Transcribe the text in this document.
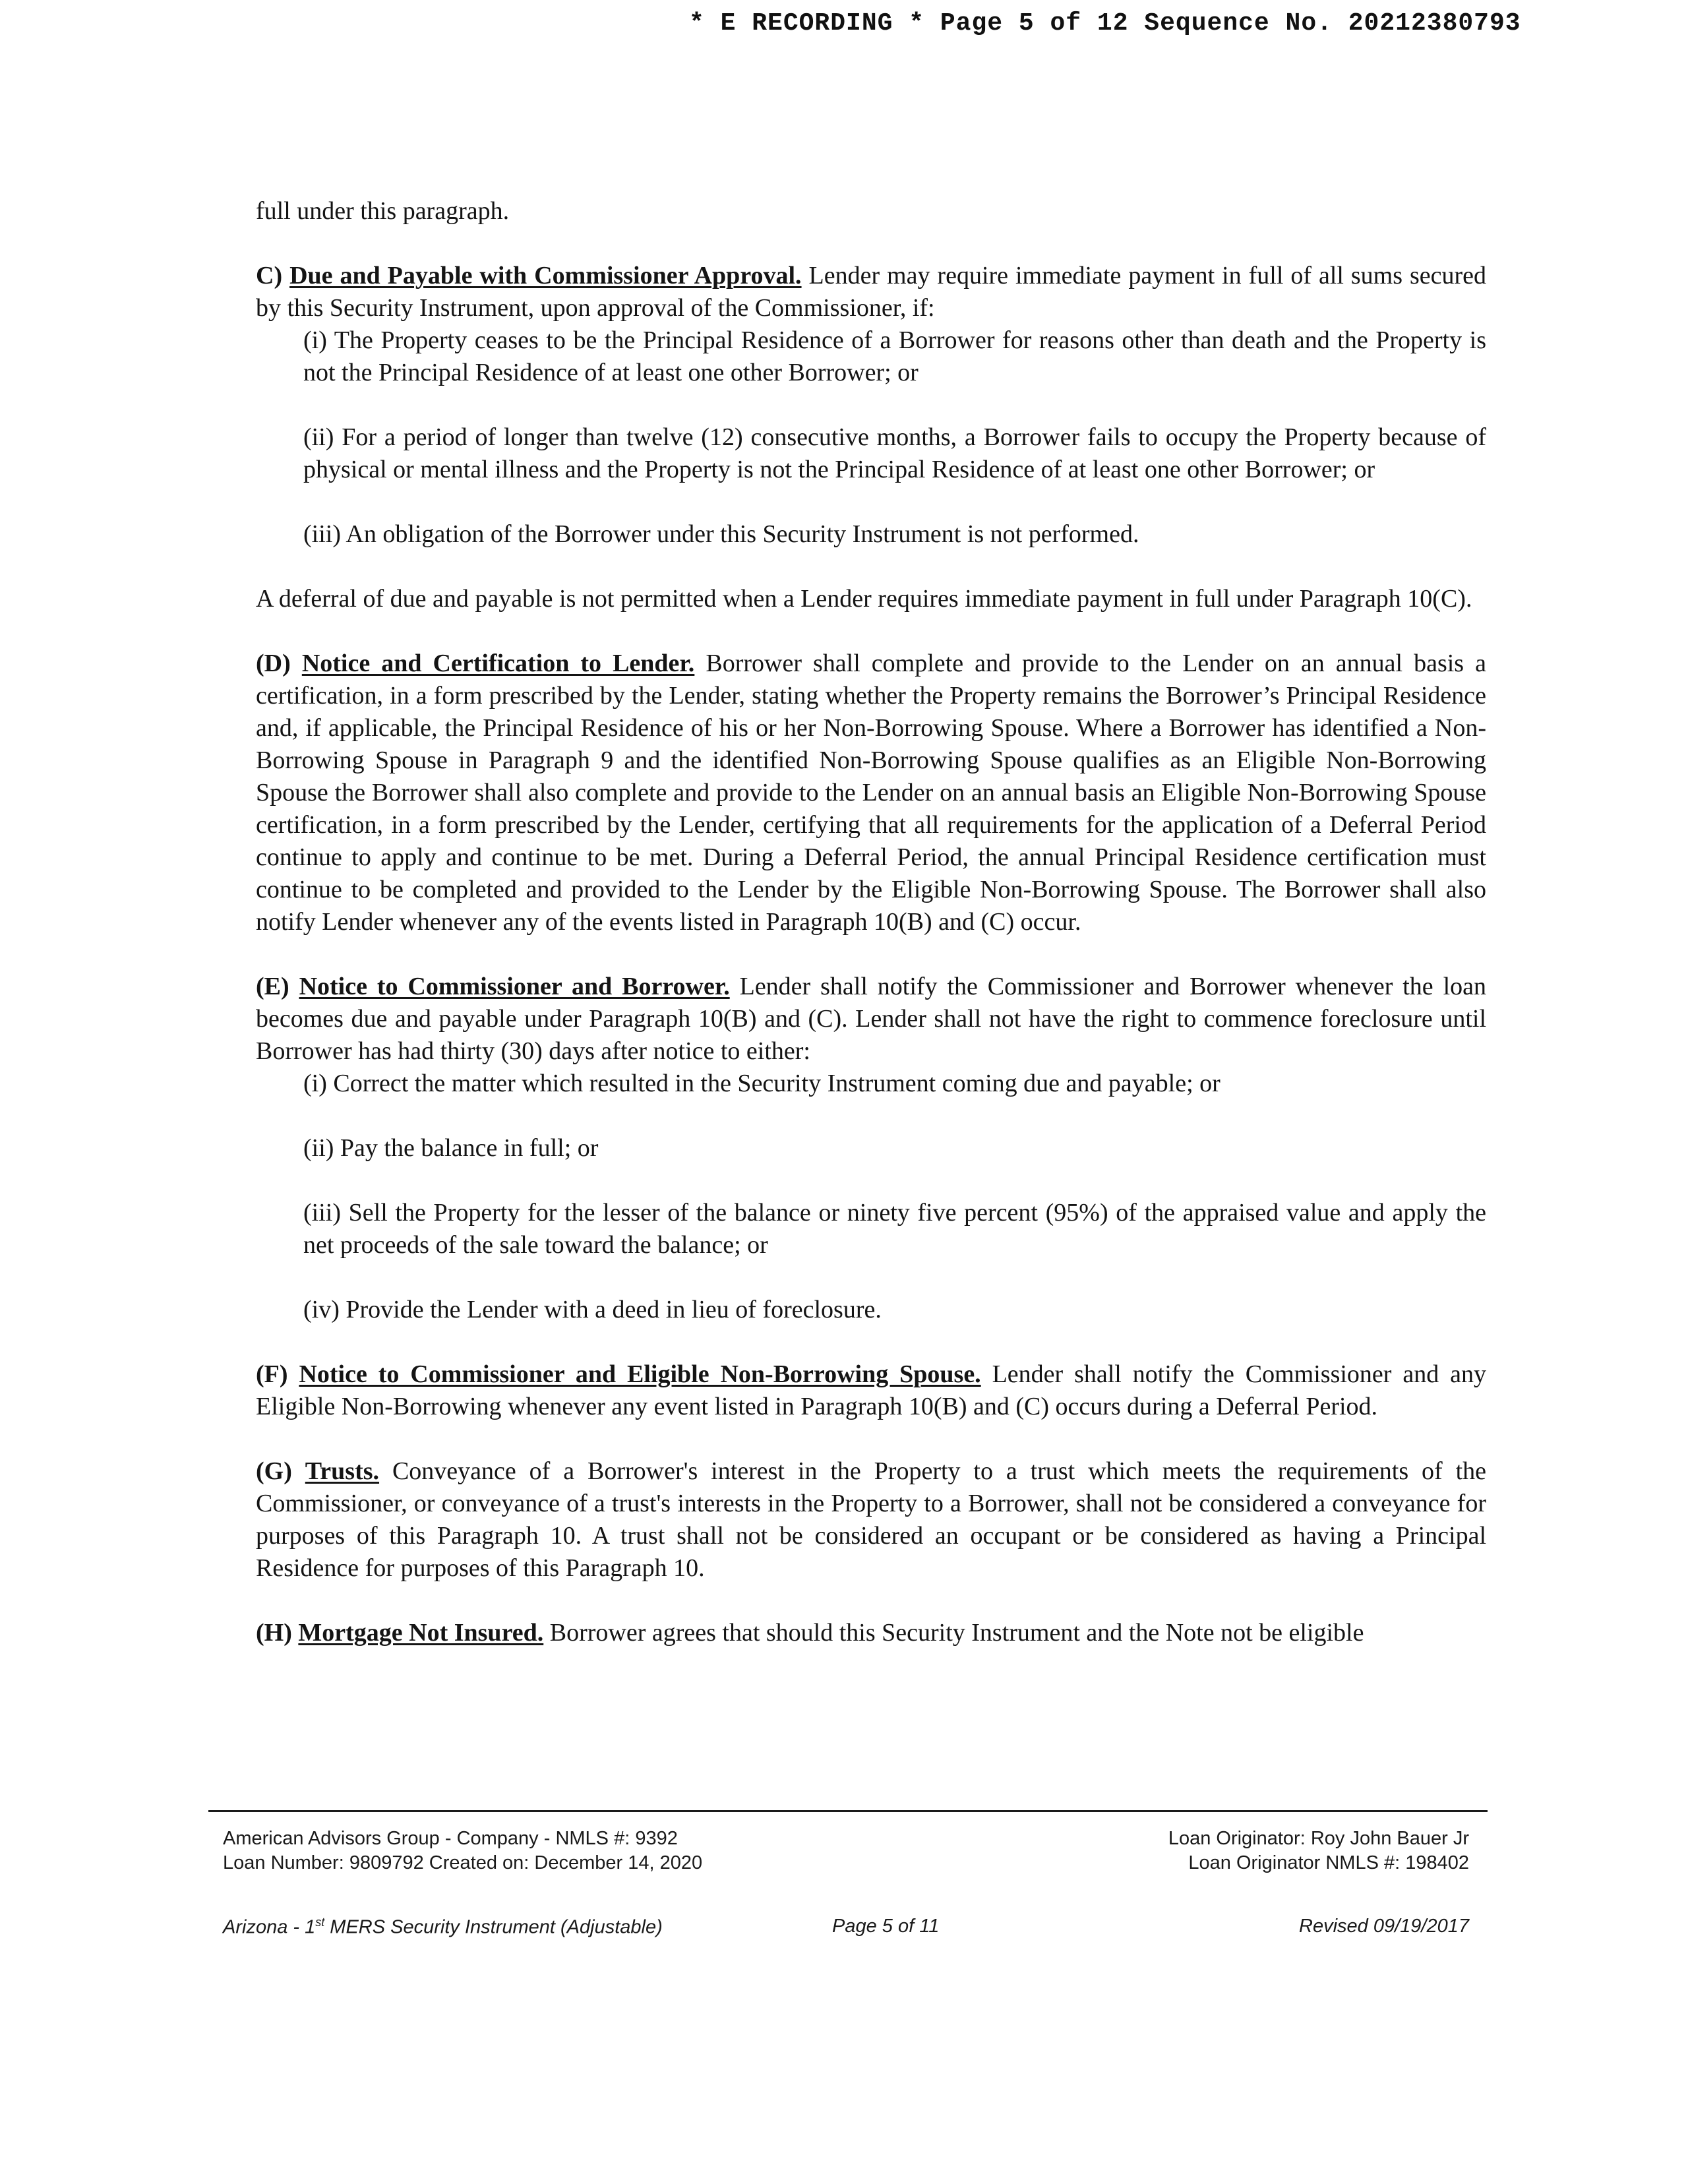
* E RECORDING * Page 5 of 12 Sequence No. 20212380793

full under this paragraph.

C) Due and Payable with Commissioner Approval. Lender may require immediate payment in full of all sums secured by this Security Instrument, upon approval of the Commissioner, if:

(i) The Property ceases to be the Principal Residence of a Borrower for reasons other than death and the Property is not the Principal Residence of at least one other Borrower; or

(ii) For a period of longer than twelve (12) consecutive months, a Borrower fails to occupy the Property because of physical or mental illness and the Property is not the Principal Residence of at least one other Borrower; or

(iii) An obligation of the Borrower under this Security Instrument is not performed.

A deferral of due and payable is not permitted when a Lender requires immediate payment in full under Paragraph 10(C).

(D) Notice and Certification to Lender. Borrower shall complete and provide to the Lender on an annual basis a certification, in a form prescribed by the Lender, stating whether the Property remains the Borrower’s Principal Residence and, if applicable, the Principal Residence of his or her Non-Borrowing Spouse. Where a Borrower has identified a Non-Borrowing Spouse in Paragraph 9 and the identified Non-Borrowing Spouse qualifies as an Eligible Non-Borrowing Spouse the Borrower shall also complete and provide to the Lender on an annual basis an Eligible Non-Borrowing Spouse certification, in a form prescribed by the Lender, certifying that all requirements for the application of a Deferral Period continue to apply and continue to be met. During a Deferral Period, the annual Principal Residence certification must continue to be completed and provided to the Lender by the Eligible Non-Borrowing Spouse. The Borrower shall also notify Lender whenever any of the events listed in Paragraph 10(B) and (C) occur.

(E) Notice to Commissioner and Borrower. Lender shall notify the Commissioner and Borrower whenever the loan becomes due and payable under Paragraph 10(B) and (C). Lender shall not have the right to commence foreclosure until Borrower has had thirty (30) days after notice to either:

(i) Correct the matter which resulted in the Security Instrument coming due and payable; or

(ii) Pay the balance in full; or

(iii) Sell the Property for the lesser of the balance or ninety five percent (95%) of the appraised value and apply the net proceeds of the sale toward the balance; or

(iv) Provide the Lender with a deed in lieu of foreclosure.

(F) Notice to Commissioner and Eligible Non-Borrowing Spouse. Lender shall notify the Commissioner and any Eligible Non-Borrowing whenever any event listed in Paragraph 10(B) and (C) occurs during a Deferral Period.

(G) Trusts. Conveyance of a Borrower's interest in the Property to a trust which meets the requirements of the Commissioner, or conveyance of a trust's interests in the Property to a Borrower, shall not be considered a conveyance for purposes of this Paragraph 10. A trust shall not be considered an occupant or be considered as having a Principal Residence for purposes of this Paragraph 10.

(H) Mortgage Not Insured. Borrower agrees that should this Security Instrument and the Note not be eligible

American Advisors Group - Company - NMLS #: 9392
Loan Number: 9809792 Created on: December 14, 2020
Loan Originator: Roy John Bauer Jr
Loan Originator NMLS #: 198402
Arizona - 1st MERS Security Instrument (Adjustable)	Page 5 of 11	Revised 09/19/2017
